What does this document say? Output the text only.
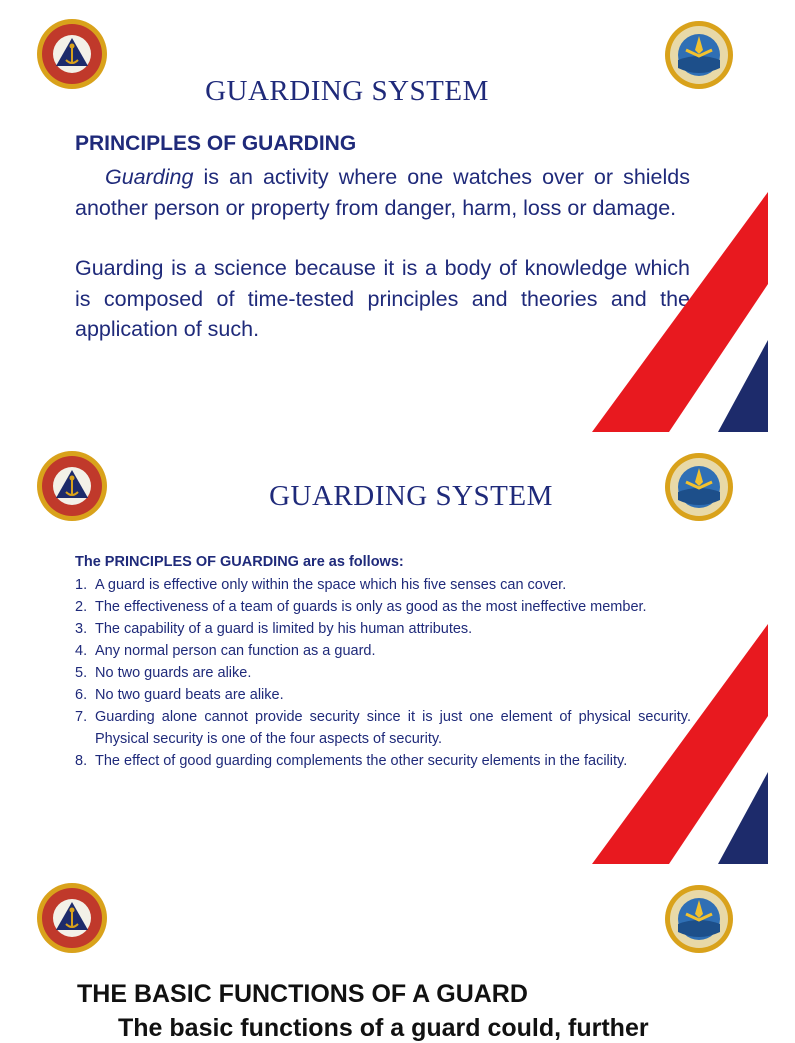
GUARDING SYSTEM
PRINCIPLES OF GUARDING
Guarding is an activity where one watches over or shields another person or property from danger, harm, loss or damage.
Guarding is a science because it is a body of knowledge which is composed of time-tested principles and theories and the application of such.
GUARDING SYSTEM
The PRINCIPLES OF GUARDING are as follows:
1. A guard is effective only within the space which his five senses can cover.
2. The effectiveness of a team of guards is only as good as the most ineffective member.
3. The capability of a guard is limited by his human attributes.
4. Any normal person can function as a guard.
5. No two guards are alike.
6. No two guard beats are alike.
7. Guarding alone cannot provide security since it is just one element of physical security. Physical security is one of the four aspects of security.
8. The effect of good guarding complements the other security elements in the facility.
THE BASIC FUNCTIONS OF A GUARD
The basic functions of a guard could, further
